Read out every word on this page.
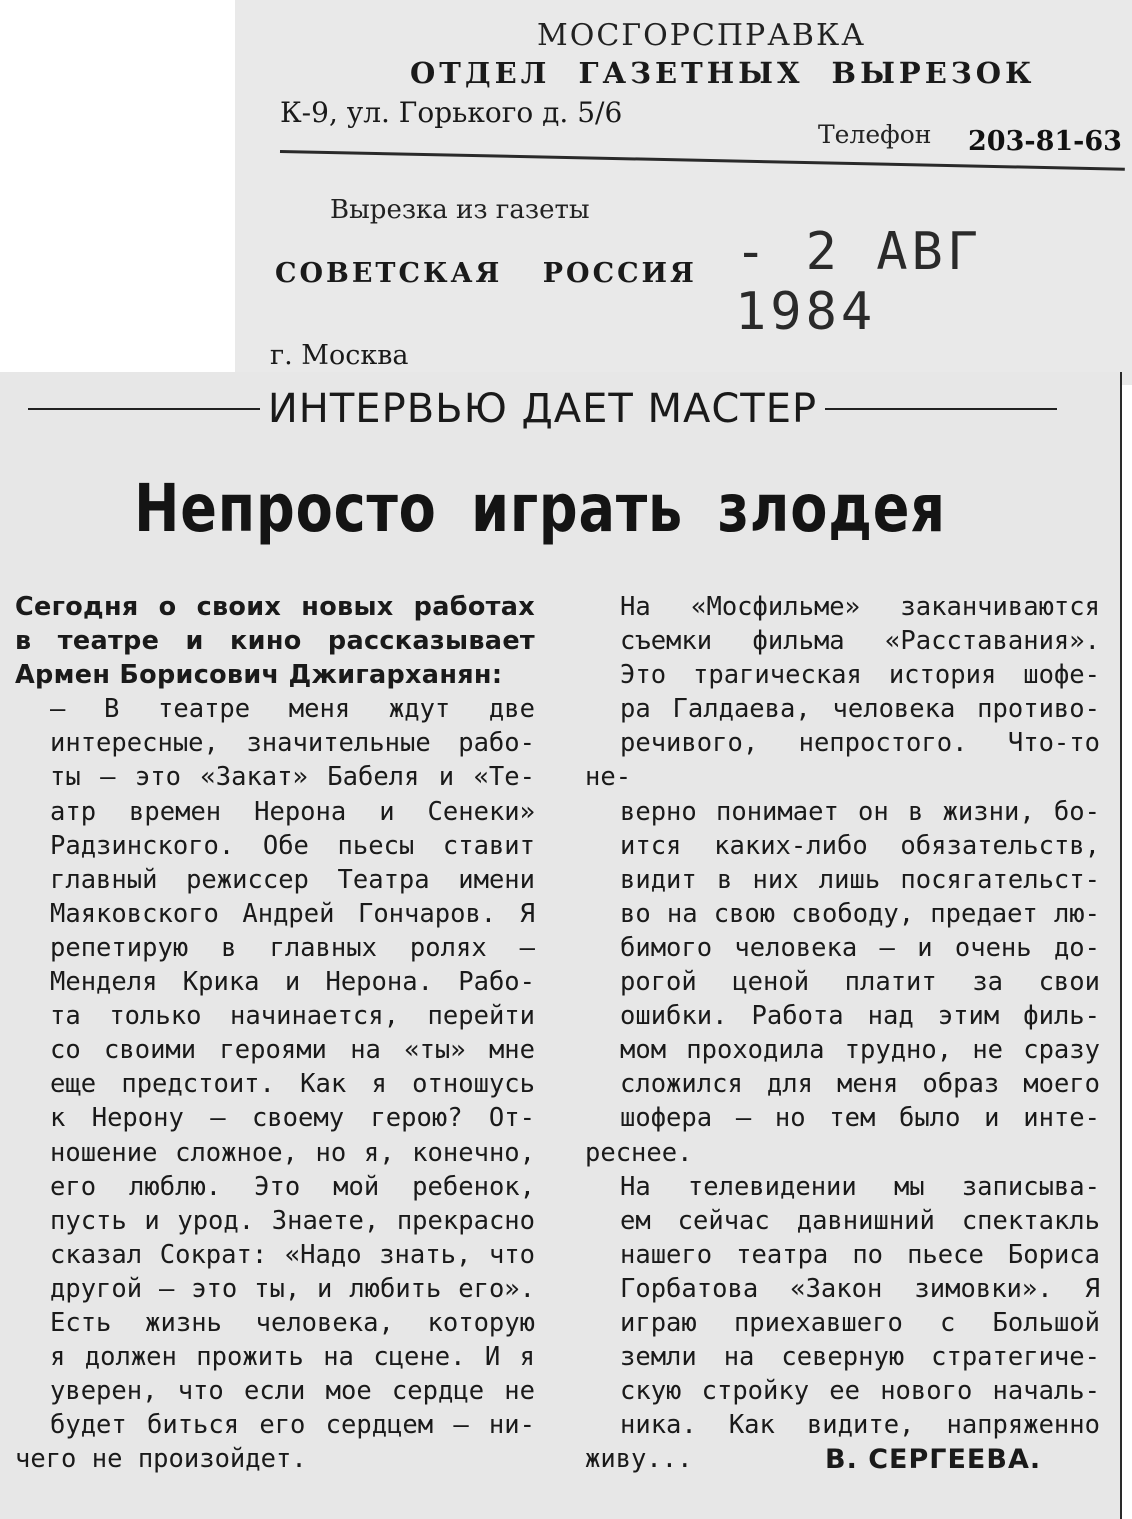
МОСГОРСПРАВКА
ОТДЕЛ ГАЗЕТНЫХ ВЫРЕЗОК
К-9, ул. Горького д. 5/6
Телефон 203-81-63
Вырезка из газеты
СОВЕТСКАЯ РОССИЯ - 2 АВГ 1984
г. Москва
ИНТЕРВЬЮ ДАЕТ МАСТЕР
Непросто играть злодея

Сегодня о своих новых работах
в театре и кино рассказывает

Армен Борисович Джигарханян:

— В театре меня ждут две
интересные, значительные рабо-
ты — это «Закат» Бабеля и «Те-
атр времен Нерона и Сенеки»
Радзинского. Обе пьесы ставит
главный режиссер Театра имени
Маяковского Андрей Гончаров. Я
репетирую в главных ролях —
Менделя Крика и Нерона. Рабо-
та только начинается, перейти
со своими героями на «ты» мне
еще предстоит. Как я отношусь
к Нерону — своему герою? От-
ношение сложное, но я, конечно,
его люблю. Это мой ребенок,
пусть и урод. Знаете, прекрасно
сказал Сократ: «Надо знать, что
другой — это ты, и любить его».
Есть жизнь человека, которую
я должен прожить на сцене. И я
уверен, что если мое сердце не
будет биться его сердцем — ни-

чего не произойдет.

На «Мосфильме» заканчиваются
съемки фильма «Расставания».
Это трагическая история шофе-
ра Галдаева, человека противо-
речивого, непростого. Что-то не-
верно понимает он в жизни, бо-
ится каких-либо обязательств,
видит в них лишь посягательст-
во на свою свободу, предает лю-
бимого человека — и очень до-
рогой ценой платит за свои
ошибки. Работа над этим филь-
мом проходила трудно, не сразу
сложился для меня образ моего
шофера — но тем было и инте-

реснее.

На телевидении мы записыва-
ем сейчас давнишний спектакль
нашего театра по пьесе Бориса
Горбатова «Закон зимовки». Я
играю приехавшего с Большой
земли на северную стратегиче-
скую стройку ее нового началь-
ника. Как видите, напряженно

живу...	В. СЕРГЕЕВА.
